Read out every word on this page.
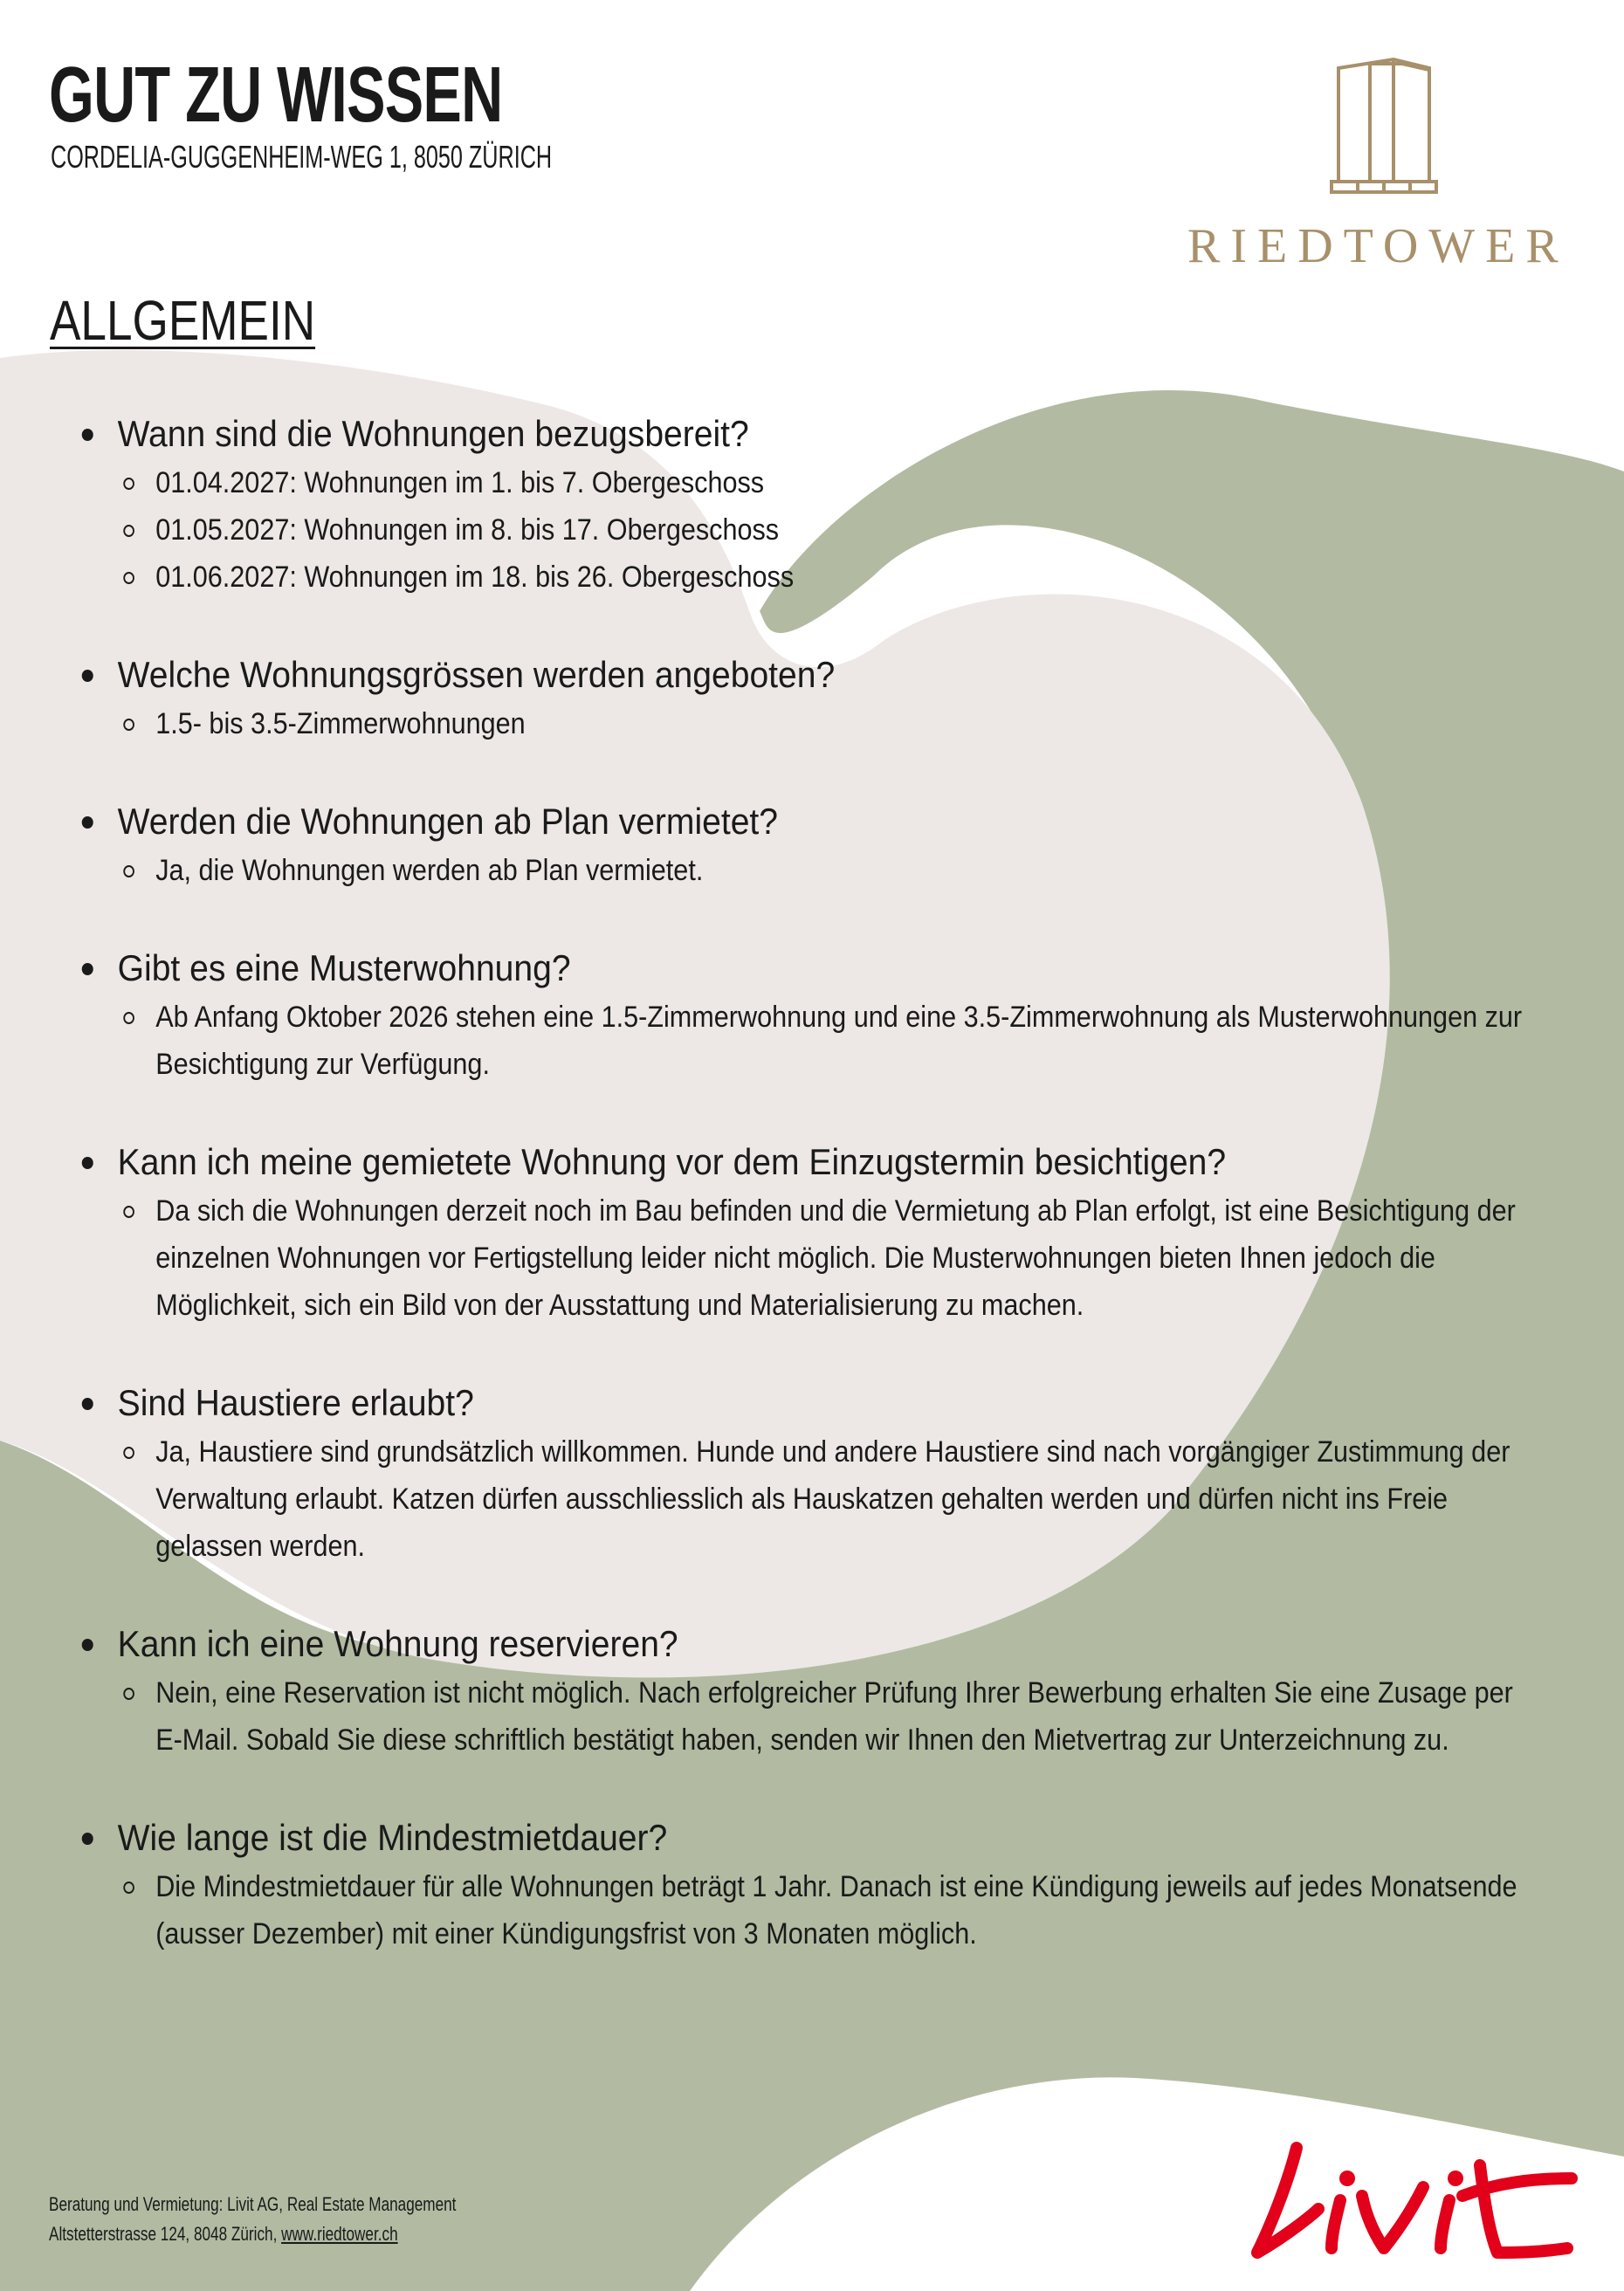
GUT ZU WISSEN
CORDELIA-GUGGENHEIM-WEG 1, 8050 ZÜRICH
RIEDTOWER
ALLGEMEIN
Wann sind die Wohnungen bezugsbereit?
01.04.2027: Wohnungen im 1. bis 7. Obergeschoss
01.05.2027: Wohnungen im 8. bis 17. Obergeschoss
01.06.2027: Wohnungen im 18. bis 26. Obergeschoss
Welche Wohnungsgrössen werden angeboten?
1.5- bis 3.5-Zimmerwohnungen
Werden die Wohnungen ab Plan vermietet?
Ja, die Wohnungen werden ab Plan vermietet.
Gibt es eine Musterwohnung?
Ab Anfang Oktober 2026 stehen eine 1.5-Zimmerwohnung und eine 3.5-Zimmerwohnung als Musterwohnungen zur Besichtigung zur Verfügung.
Kann ich meine gemietete Wohnung vor dem Einzugstermin besichtigen?
Da sich die Wohnungen derzeit noch im Bau befinden und die Vermietung ab Plan erfolgt, ist eine Besichtigung der einzelnen Wohnungen vor Fertigstellung leider nicht möglich. Die Musterwohnungen bieten Ihnen jedoch die Möglichkeit, sich ein Bild von der Ausstattung und Materialisierung zu machen.
Sind Haustiere erlaubt?
Ja, Haustiere sind grundsätzlich willkommen. Hunde und andere Haustiere sind nach vorgängiger Zustimmung der Verwaltung erlaubt. Katzen dürfen ausschliesslich als Hauskatzen gehalten werden und dürfen nicht ins Freie gelassen werden.
Kann ich eine Wohnung reservieren?
Nein, eine Reservation ist nicht möglich. Nach erfolgreicher Prüfung Ihrer Bewerbung erhalten Sie eine Zusage per E-Mail. Sobald Sie diese schriftlich bestätigt haben, senden wir Ihnen den Mietvertrag zur Unterzeichnung zu.
Wie lange ist die Mindestmietdauer?
Die Mindestmietdauer für alle Wohnungen beträgt 1 Jahr. Danach ist eine Kündigung jeweils auf jedes Monatsende (ausser Dezember) mit einer Kündigungsfrist von 3 Monaten möglich.
Beratung und Vermietung: Livit AG, Real Estate Management
Altstetterstrasse 124, 8048 Zürich, www.riedtower.ch
